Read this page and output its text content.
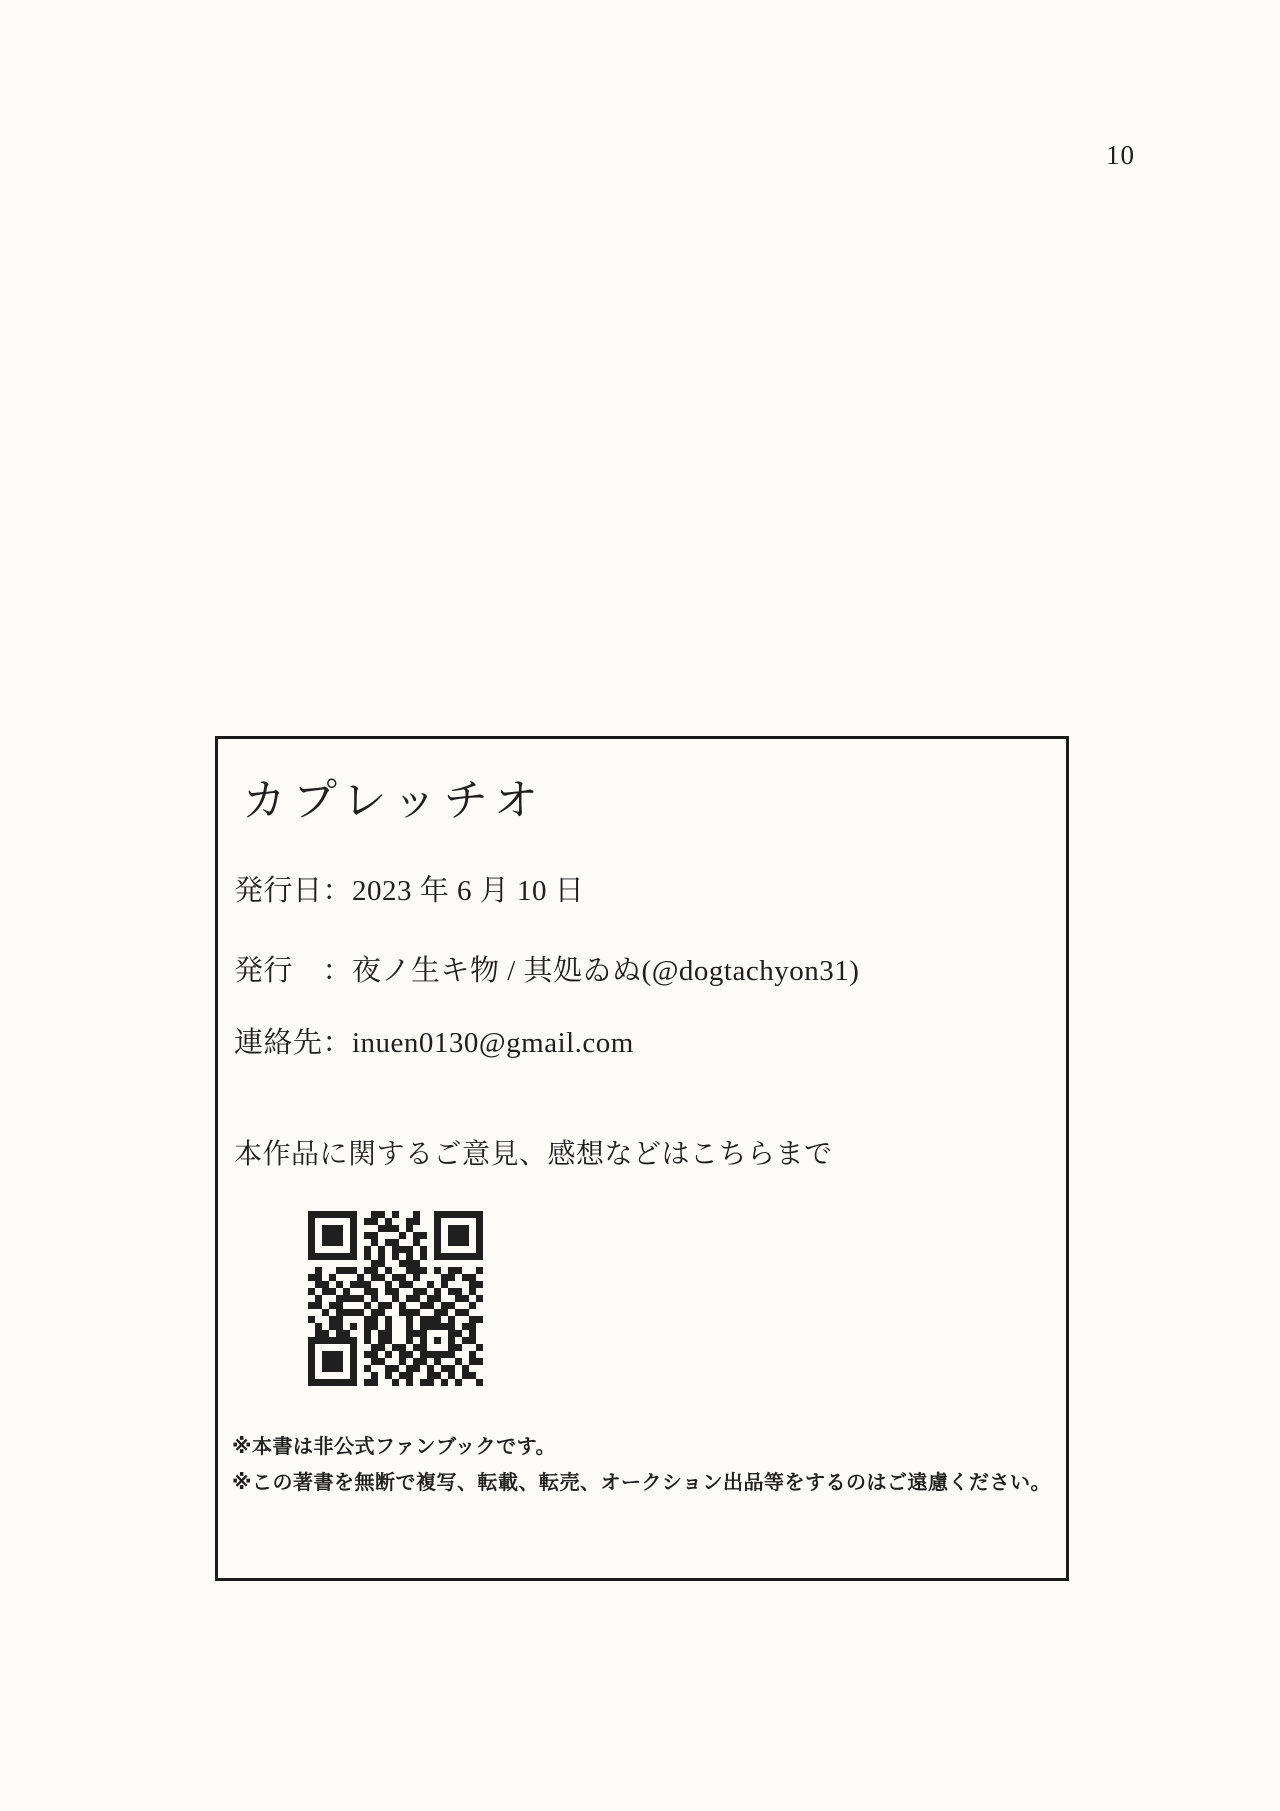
10
カプレッチオ
発行日：2023 年 6 月 10 日
発行　：夜ノ生キ物 / 其処ゐぬ(@dogtachyon31)
連絡先：inuen0130@gmail.com
本作品に関するご意見、感想などはこちらまで
※本書は非公式ファンブックです。
※この著書を無断で複写、転載、転売、オークション出品等をするのはご遠慮ください。
